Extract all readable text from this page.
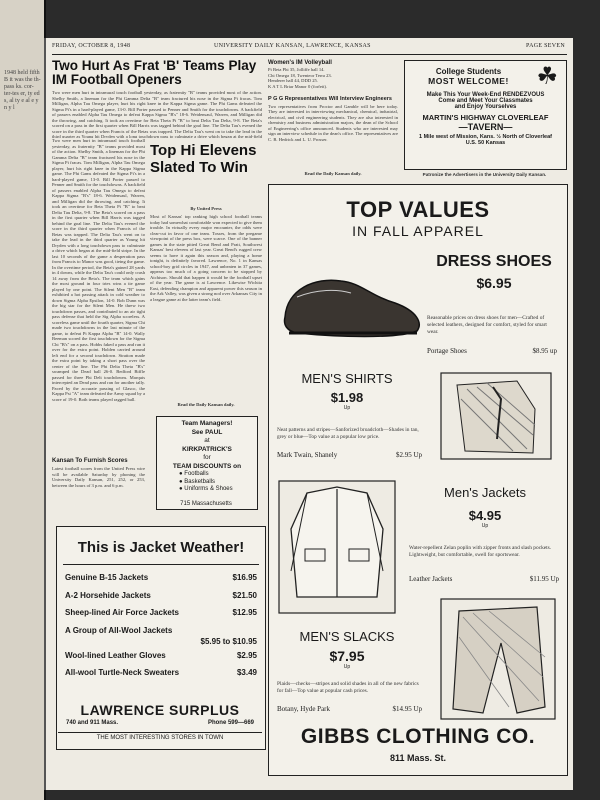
1948 held fifth B it was the th- pass ks. cor- ter-tes er, ty ed s, al ty e al e y n y l
FRIDAY, OCTOBER 8, 1948	UNIVERSITY DAILY KANSAN, LAWRENCE, KANSAS	PAGE SEVEN
Two Hurt As Frat 'B' Teams Play IM Football Openers
Two were men hurt in intramural touch football yesterday, as fraternity "B" teams provided most of the action. Shelby Smith, a lineman for the Phi Gamma Delta "B" team fractured his nose in the Sigma Pi fracas. Tom Milligan, Alpha Tau Omega player, hurt his right knee in the Kappa Sigma game. The Phi Gams defeated the Sigma Pi's in a hard-played game, 13-0. Bill Porter passed to Penner and Smith for the touchdowns. A backfield of passers enabled Alpha Tau Omega to defeat Kappa Sigma "B's" 18-6. Weidensaul, Warren, and Milligan did the throwing, and catching. It took an overtime for Beta Theta Pi "B" to beat Delta Tau Delta, 9-8. The Beta's scored on a pass in the first quarter when Bill Harris was tagged behind the goal line. The Delta Tau's evened the score in the third quarter when Francis of the Betas was trapped. The Delta Tau's went on to take the lead in the third quarter as Young hit Dryden with a long touchdown pass to culminate a drive which began at the mid-field
Two were men hurt in intramural touch football yesterday, as fraternity "B" teams provided most of the action. Shelby Smith, a lineman for the Phi Gamma Delta "B" team fractured his nose in the Sigma Pi fracas. Tom Milligan, Alpha Tau Omega player, hurt his right knee in the Kappa Sigma game. The Phi Gams defeated the Sigma Pi's in a hard-played game, 13-0. Bill Porter passed to Penner and Smith for the touchdowns. A backfield of passers enabled Alpha Tau Omega to defeat Kappa Sigma "B's" 18-6. Weidensaul, Warren, and Milligan did the throwing, and catching. It took an overtime for Beta Theta Pi "B" to beat Delta Tau Delta, 9-8. The Beta's scored on a pass in the first quarter when Bill Harris was tagged behind the goal line. The Delta Tau's evened the score in the third quarter when Francis of the Betas was trapped. The Delta Tau's went on to take the lead in the third quarter as Young hit Dryden with a long touchdown pass to culminate a drive which began at the mid-field stripe. In the last 10 seconds of the game a desperation pass from Francis to Manor was good, tieing the game. In the overtime period, the Beta's gained 28 yards in 4 downs, while the Delta Tau's could only crash 14 away from the Beta's. The team which gains the most ground in four tries wins a tie game played by one point. The Silent Men "B" team exhibited a hot passing attack in cold weather to down Sigma Alpha Epsilon, 14-0. Bob Dunn was the big star for the Silent Men. He threw two touchdown passes, and contributed to an air tight pass defense that held the Sig Alpha scoreless. A scoreless game until the fourth quarter, Sigma Chi made two touchdowns in the last minute of the game, to defeat Pi Kappa Alpha "B" 14-0. Wally Beeman scored the first touchdown for the Sigma Chi "B's" on a pass. Hobbs faked a pass and ran it over for the extra point. Holden carried around left end for a second touchdown. Stratton made the extra point by taking a short pass over the center of the line. The Phi Delta Theta "B's" swamped the Dead ball 26-0. Bedford Biffle passed for three Phi Delt touchdowns. Marquis intercepted an Dead pass and ran for another tally. Paced by the accurate passing of Glasco, the Kappa Psi "A" team defeated the Army squad by a score of 19-0. Both teams played ragged ball.
Top Hi Elevens Slated To Win
By United Press
Most of Kansas' top ranking high school football teams today had somewhat comfortable won expected to give them trouble. In virtually every major encounter, the odds were clear-cut in favor of one team. Tosses, from the pregame viewpoint of the press box, were scarce. One of the banner games in the state pitted Great Bend and Pratt, Southwest Kansas' best elevens of last year. Great Bend's rugged crew seems to have it again this season and, playing a home tonight, is definitely favored. Lawrence, No. 1 in Kansas school-boy grid circles in 1947, and unbeaten in 37 games, appears too much of a going concern to be stopped by Atchison. Should that happen it would be the football upset of the year. The game is at Lawrence. Likewise Wichita East, defending champion and apparent power this season in the Ark Valley, was given a strong nod over Arkansas City in a league game at the latter team's field.
Read the Daily Kansan daily.
Team Managers!
See PAUL
at
KIRKPATRICK'S
for
TEAM DISCOUNTS on
● Footballs
● Basketballs
● Uniforms & Shoes
715 Massachusetts
Kansan To Furnish Scores
Latest football scores from the United Press wire will be available Saturday by phoning the University Daily Kansan, 251, 252, or 253, between the hours of 3 p.m. and 6 p.m.
This is Jacket Weather!
Genuine B-15 Jackets	$16.95
A-2 Horsehide Jackets	$21.50
Sheep-lined Air Force Jackets	$12.95
A Group of All-Wool Jackets
$5.95 to $10.95
Wool-lined Leather Gloves	$2.95
All-wool Turtle-Neck Sweaters	$3.49
LAWRENCE SURPLUS
740 and 911 Mass.	Phone 599—669
THE MOST INTERESTING STORES IN TOWN
Women's IM Volleyball
Pi Beta Phi 35, Jolliffe hall 14.
Chi Omega 18, Twenteor Terra 23.
Henderer hall 44, DDD 25.
K A T L Briar Manor 0 (forfeit).
P G G Representatives Will Interview Engineers
Two representatives from Proctor and Gamble will be here today. They are interested in interviewing mechanical, chemical, industrial, electrical, and civil engineering students. They are also interested in chemistry and business administration majors, the dean of the School of Engineering's office announced. Students who are interested may sign an interview schedule in the dean's office. The representatives are C. B. Hedrick and L. U. Prosser.
Read the Daily Kansan daily.
College Students
MOST WELCOME!	☘
Make This Your Week-End RENDEZVOUS
Come and Meet Your Classmates
and Enjoy Yourselves
MARTIN'S HIGHWAY CLOVERLEAF
—TAVERN—
1 Mile west of Mission, Kans. ½ North of Cloverleaf
U.S. 50 Kansas
Patronize the Advertisers in the University Daily Kansan.
TOP VALUES
IN FALL APPAREL
DRESS SHOES
$6.95
Reasonable prices on dress shoes for men—Crafted of selected leathers, designed for comfort, styled for smart wear.
Portage Shoes	$8.95 up
MEN'S SHIRTS
$1.98
Up
Neat patterns and stripes—Sanforized broadcloth—Shades in tan, grey or blue—Top value at a popular low price.
Mark Twain, Shanely	$2.95 Up
Men's Jackets
$4.95
Up
Water-repellent Zelan poplin with zipper fronts and slash pockets. Lightweight, but comfortable, swell for sportswear.
Leather Jackets	$11.95 Up
MEN'S SLACKS
$7.95
Up
Plaids—checks—stripes and solid shades in all of the new fabrics for fall—Top value at popular cash prices.
Botany, Hyde Park	$14.95 Up
GIBBS CLOTHING CO.
811 Mass. St.
